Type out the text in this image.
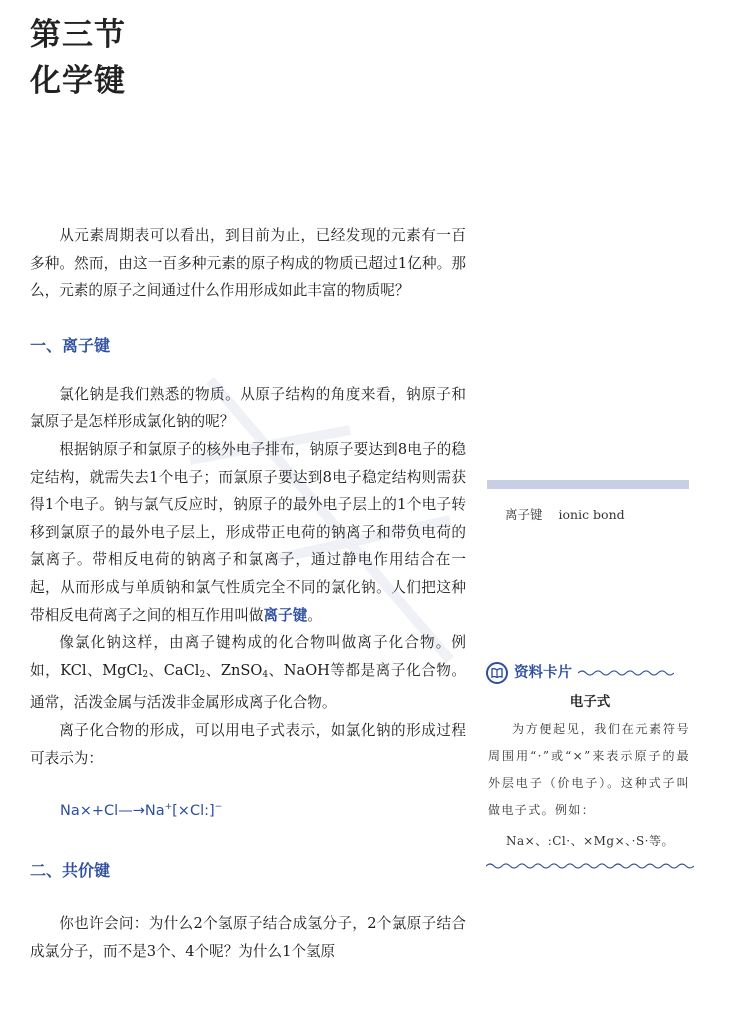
第三节
化学键

从元素周期表可以看出，到目前为止，已经发现的元素有一百多种。然而，由这一百多种元素的原子构成的物质已超过1亿种。那么，元素的原子之间通过什么作用形成如此丰富的物质呢？

一、离子键

氯化钠是我们熟悉的物质。从原子结构的角度来看，钠原子和氯原子是怎样形成氯化钠的呢？

根据钠原子和氯原子的核外电子排布，钠原子要达到8电子的稳定结构，就需失去1个电子；而氯原子要达到8电子稳定结构则需获得1个电子。钠与氯气反应时，钠原子的最外电子层上的1个电子转移到氯原子的最外电子层上，形成带正电荷的钠离子和带负电荷的氯离子。带相反电荷的钠离子和氯离子，通过静电作用结合在一起，从而形成与单质钠和氯气性质完全不同的氯化钠。人们把这种带相反电荷离子之间的相互作用叫做离子键。

像氯化钠这样，由离子键构成的化合物叫做离子化合物。例如，KCl、MgCl$_2$、CaCl$_2$、ZnSO$_4$、NaOH等都是离子化合物。通常，活泼金属与活泼非金属形成离子化合物。

离子化合物的形成，可以用电子式表示，如氯化钠的形成过程可表示为：

Na×+Cl—→Na+[×Cl:]−
二、共价键

你也许会问：为什么2个氢原子结合成氢分子，2个氯原子结合成氯分子，而不是3个、4个呢？为什么1个氢原

离子键 ionic bond
资料卡片
电子式
为方便起见，我们在元素符号周围用“·”或“×”来表示原子的最外层电子（价电子）。这种式子叫做电子式。例如：
Na×、:Cl·、×Mg×、·S·等。
